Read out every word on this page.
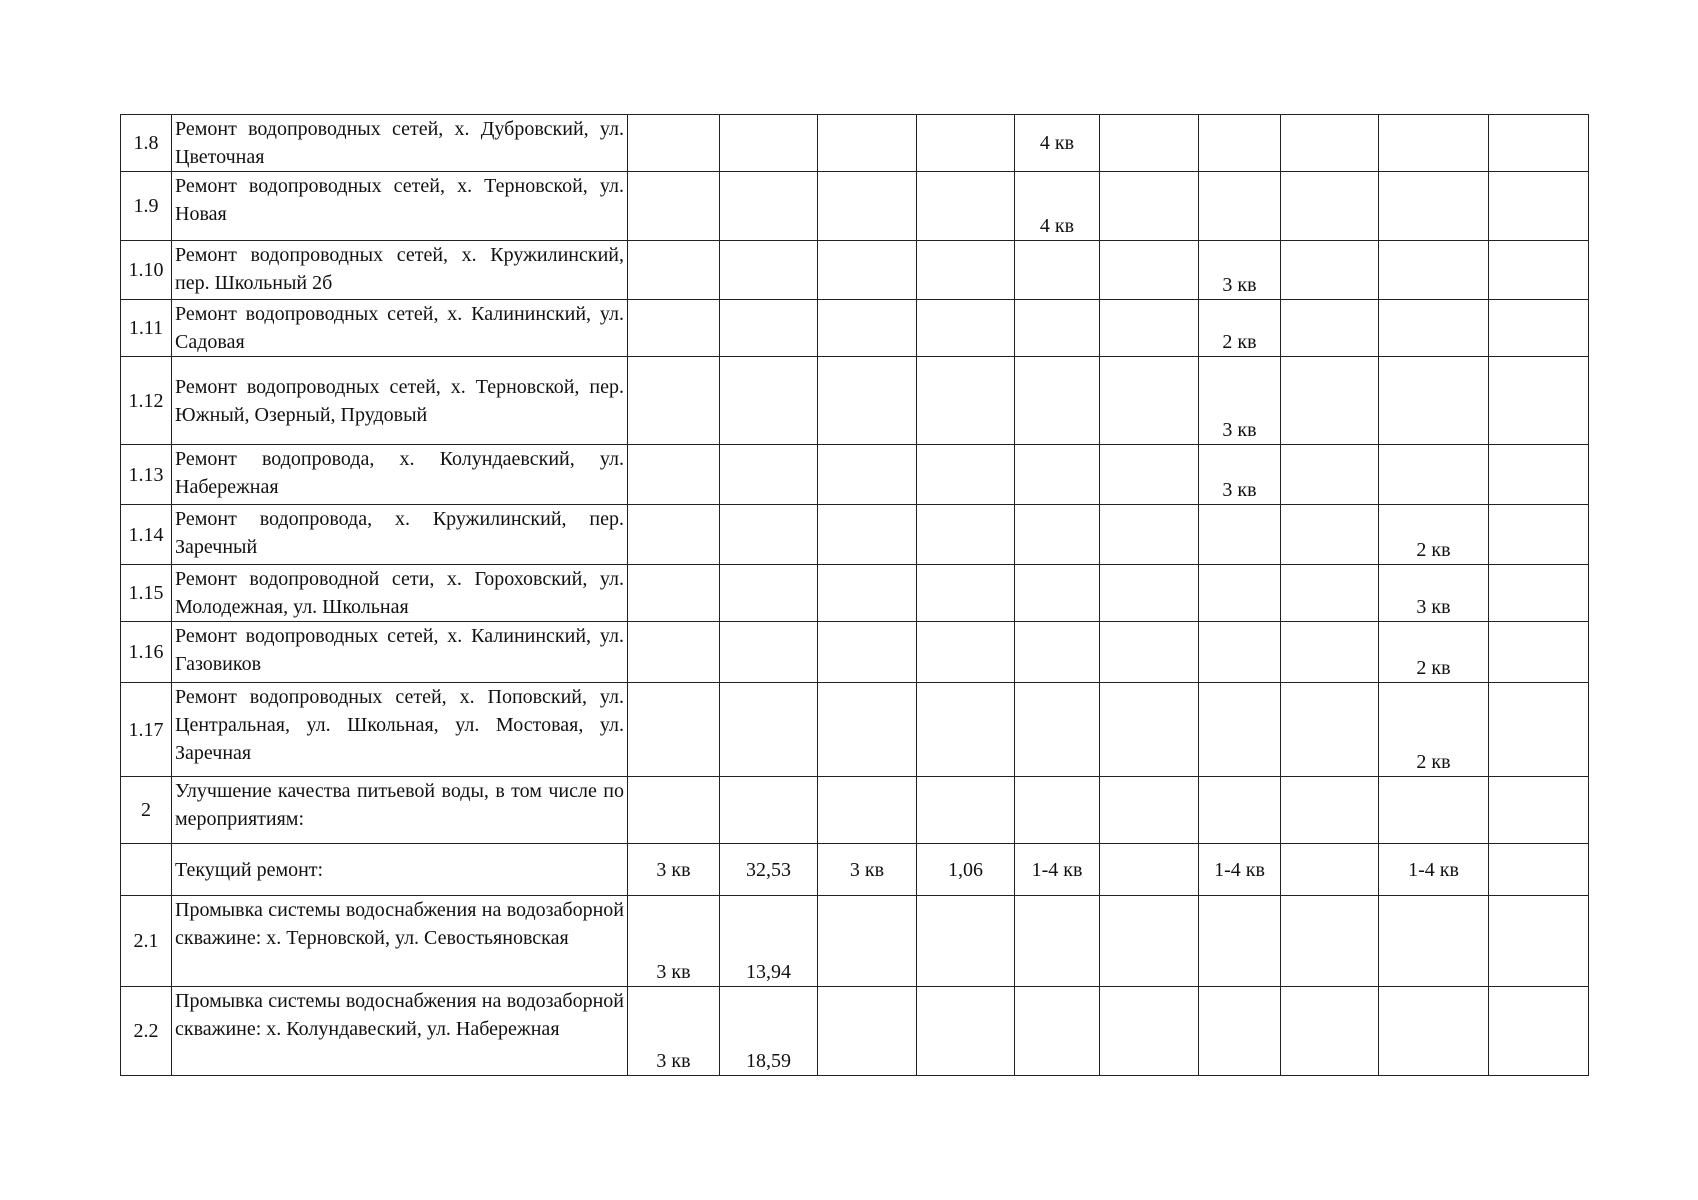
1.8	Ремонт водопроводных сетей, х. Дубровский, ул. Цветочная					4 кв					
1.9	Ремонт водопроводных сетей, х. Терновской, ул. Новая					4 кв					
1.10	Ремонт водопроводных сетей, х. Кружилинский, пер. Школьный 2б							3 кв			
1.11	Ремонт водопроводных сетей, х. Калининский, ул. Садовая							2 кв			
1.12	Ремонт водопроводных сетей, х. Терновской, пер. Южный, Озерный, Прудовый							3 кв			
1.13	Ремонт водопровода, х. Колундаевский, ул. Набережная							3 кв			
1.14	Ремонт водопровода, х. Кружилинский, пер. Заречный									2 кв	
1.15	Ремонт водопроводной сети, х. Гороховский, ул. Молодежная, ул. Школьная									3 кв	
1.16	Ремонт водопроводных сетей, х. Калининский, ул. Газовиков									2 кв	
1.17	Ремонт водопроводных сетей, х. Поповский, ул. Центральная, ул. Школьная, ул. Мостовая, ул. Заречная									2 кв	
2	Улучшение качества питьевой воды, в том числе по мероприятиям:										
	Текущий ремонт:	3 кв	32,53	3 кв	1,06	1-4 кв		1-4 кв		1-4 кв	
2.1	Промывка системы водоснабжения на водозаборной скважине: х. Терновской, ул. Севостьяновская	3 кв	13,94								
2.2	Промывка системы водоснабжения на водозаборной скважине: х. Колундавеский, ул. Набережная	3 кв	18,59								
